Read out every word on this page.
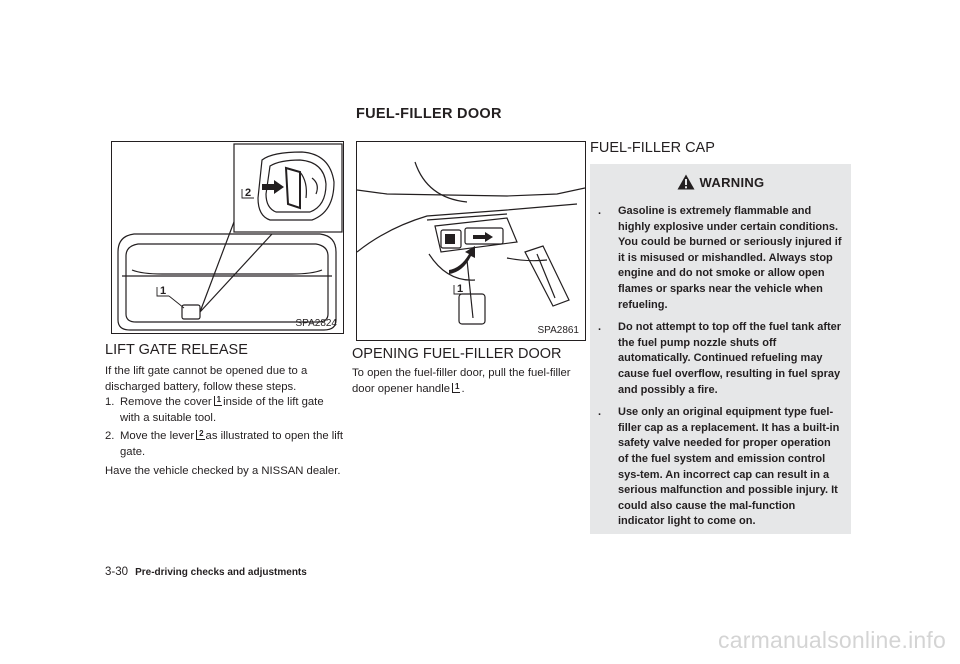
FUEL-FILLER DOOR
2
1
SPA2824
LIFT GATE RELEASE
If the lift gate cannot be opened due to a discharged battery, follow these steps.
1. Remove the cover 1 inside of the lift gate with a suitable tool.
2. Move the lever 2 as illustrated to open the lift gate.
Have the vehicle checked by a NISSAN dealer.
1
SPA2861
OPENING FUEL-FILLER DOOR
To open the fuel-filler door, pull the fuel-filler door opener handle 1 .
FUEL-FILLER CAP
WARNING
. Gasoline is extremely flammable and highly explosive under certain conditions. You could be burned or seriously injured if it is misused or mishandled. Always stop engine and do not smoke or allow open flames or sparks near the vehicle when refueling.
. Do not attempt to top off the fuel tank after the fuel pump nozzle shuts off automatically. Continued refueling may cause fuel overflow, resulting in fuel spray and possibly a fire.
. Use only an original equipment type fuel-filler cap as a replacement. It has a built-in safety valve needed for proper operation of the fuel system and emission control sys-tem. An incorrect cap can result in a serious malfunction and possible injury. It could also cause the mal-function indicator light to come on.
3-30 Pre-driving checks and adjustments
carmanualsonline.info
